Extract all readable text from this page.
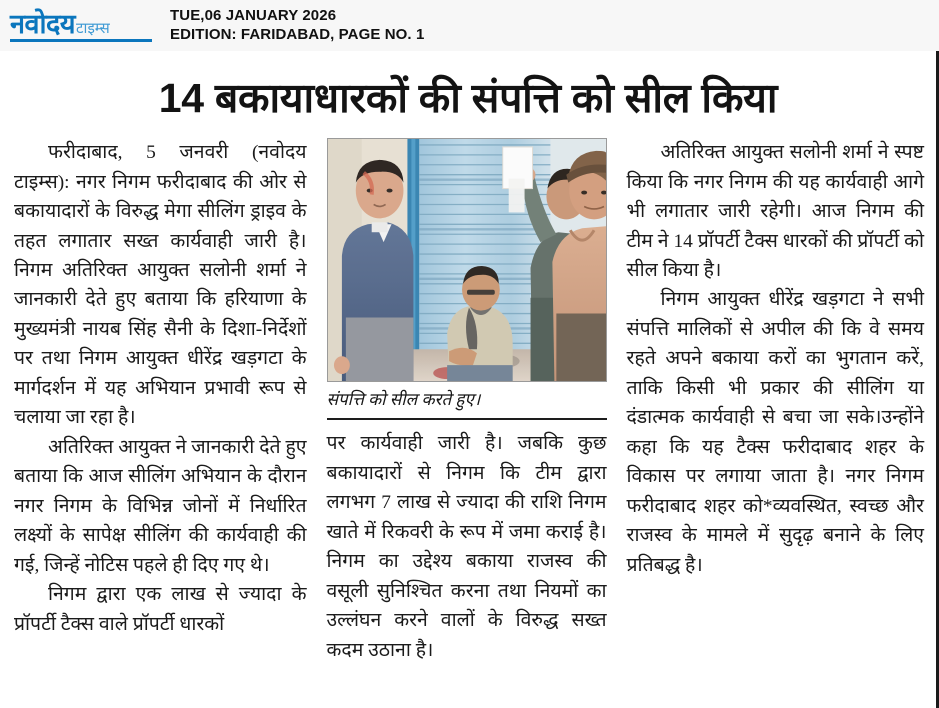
नवोदय टाइम्स
TUE,06 JANUARY 2026
EDITION: FARIDABAD, PAGE NO. 1
14 बकायाधारकों की संपत्ति को सील किया

फरीदाबाद, 5 जनवरी (नवोदय टाइम्स): नगर निगम फरीदाबाद की ओर से बकायादारों के विरुद्ध मेगा सीलिंग ड्राइव के तहत लगातार सख्त कार्यवाही जारी है। निगम अतिरिक्त आयुक्त सलोनी शर्मा ने जानकारी देते हुए बताया कि हरियाणा के मुख्यमंत्री नायब सिंह सैनी के दिशा-निर्देशों पर तथा निगम आयुक्त धीरेंद्र खड़गटा के मार्गदर्शन में यह अभियान प्रभावी रूप से चलाया जा रहा है।

अतिरिक्त आयुक्त ने जानकारी देते हुए बताया कि आज सीलिंग अभियान के दौरान नगर निगम के विभिन्न जोनों में निर्धारित लक्ष्यों के सापेक्ष सीलिंग की कार्यवाही की गई, जिन्हें नोटिस पहले ही दिए गए थे।

निगम द्वारा एक लाख से ज्यादा के प्रॉपर्टी टैक्स वाले प्रॉपर्टी धारकों

संपत्ति को सील करते हुए।

पर कार्यवाही जारी है। जबकि कुछ बकायादारों से निगम कि टीम द्वारा लगभग 7 लाख से ज्यादा की राशि निगम खाते में रिकवरी के रूप में जमा कराई है। निगम का उद्देश्य बकाया राजस्व की वसूली सुनिश्चित करना तथा नियमों का उल्लंघन करने वालों के विरुद्ध सख्त कदम उठाना है।

अतिरिक्त आयुक्त सलोनी शर्मा ने स्पष्ट किया कि नगर निगम की यह कार्यवाही आगे भी लगातार जारी रहेगी। आज निगम की टीम ने 14 प्रॉपर्टी टैक्स धारकों की प्रॉपर्टी को सील किया है।

निगम आयुक्त धीरेंद्र खड़गटा ने सभी संपत्ति मालिकों से अपील की कि वे समय रहते अपने बकाया करों का भुगतान करें, ताकि किसी भी प्रकार की सीलिंग या दंडात्मक कार्यवाही से बचा जा सके।उन्होंने कहा कि यह टैक्स फरीदाबाद शहर के विकास पर लगाया जाता है। नगर निगम फरीदाबाद शहर को*व्यवस्थित, स्वच्छ और राजस्व के मामले में सुदृढ़ बनाने के लिए प्रतिबद्ध है।
